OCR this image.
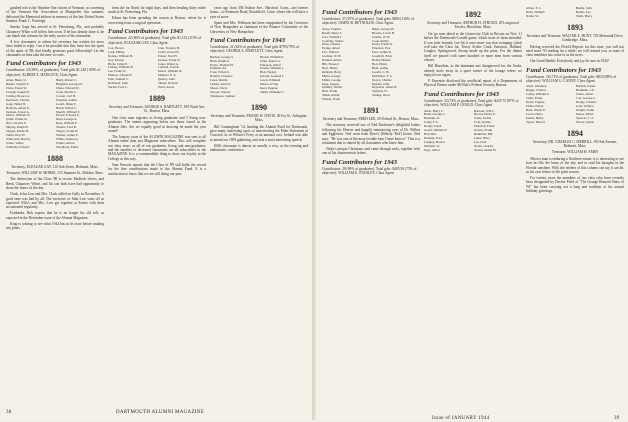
guished role as the Number One citizen of Vermont, as a meeting of the Vermont Bar Association at Montpelier this summer, delivered the Memorial address in memory of the late United States Senator, Frank C. Partridge.

Smoky Gage has arrived at St. Petersburg, Fla., and probably Chauncey White will follow him soon. If he has already done it, he can thank this column for the early notice of his retirement.

A few classmates to whom the secretary has written for news have failed to reply. Can it be possible that they have lost the spirit of the spirit of '88, that kindly generous good fellowship? Let the classmates at least take the time to write.

Fund Contributors for 1943
Contributors: 24 (69%, of graduates). Total gifts $1,140 (100% of objective). ALBERT E. HADLOCK, Class Agent.
Allen, Henry O.	Baird, Robert C.
Barker, Charles F.	Bingham, George H.
Clark, Ernest W.	Chase, Edward W.
Clough, Joseph H.	Cook, Martin C.
Cutting, Horace A.	Cowan, Carl H.
Dearborn, Charles	Eastman, Arthur
Gage, Henry B.	Gould, Elmer E.
Hadlock, Albert E.	Hatch, Walter C.
Jackson, Ernest A.	Merrill, William F.
Morse, William W.	Pevear, Edward E.
Quint, Wilder D.	Reed, George A.
Rice, Charles E.	Ross, William E.
Shipley, Ralph B.	Stearns, Fred B.
Sturgis, Robert H.	Thayer, Frank W.
Tuttle, Hoyt H.	Warner, Arthur E.
Whitcomb, Harvey	White, Chauncey
White, Walter	Wilder, Alfred
Williams, Edward	Woodbury, Elmer
1888
Secretary, ELEAZAR GAY, 110 Oak Street, Belmont, Mass.
Treasurer, WILLIAM W. MORSE, 155 Summer St., Malden, Mass.

The distinction of the Class '88 is secure; Hadlock shows, and Reed, Chauncey White, and his son both have had opportunity to share the honor of the day.

Clark, John Low and Mrs. Clark called on Gally in November. A good time was had by all. The exercises of John Low went off as expected. Ellis's and Mrs. Low got together at Exeter with their accustomed regularity.

Fairbanks, Bob reports that he is no longer his old self, as expected in the December issue of the Alumni Magazine.

King is waiting to see what 1944 has in its store before making any plans.

from the far North for eight days, and then heading thirty miles south to St. Petersburg, Fla.

Edson has been spending the season at Boston, where he is recovering from a surgical operation.

Fund Contributors for 1943
Contributors: 22 (66% of graduates). Total gifts $1,152 (115% of objective). ELEAZAR GAY, Class Agent.
Cox, Horace	Cain, Frederic H.
Cash, Phillip	Cutler, Ernest B.
Delano, William H.	Edson, Fred H.
Gay, Eleazar	Glazier, Frank W.
Hicks, Julius E.	Jones, Walter A.
Linsley, William W.	Lamson, Fred R.
Lee, Frank W.	Morse, William W.
Munroe, Charles F.	Munster, E. A.
Pratt, Samuel S.	Quincy, John
Robinson, John	Shedd, Frederic
Tucker, Fred C.	Ward, Aaron
1889
Secretary and Treasurer, GEORGE S. BARTLETT, 108 Wash Ave. St., Boston, Mass.

One class man registers as living graduates and 5 living non-graduates. The names appearing below are those found in the Alumni files. Are we equally good at showing he made the year round?

The January issue of the ALUMNI MAGAZINE was sent to all Alumni rather than just Magazine subscribers. This will complete our class issue, as all of our graduates, living and non-graduates, and the families of deceased classmates are all subscribers to the MAGAZINE. It is a commendable thing to show our loyalty to the College in this way.

Sam Prescott reports that the Class of '89 still holds the record for the fine contributions made to the Alumni Fund. It is a satisfaction to know that we are still doing our part.

years ago from 358 Ashton Ave., Hartford, Conn.—her former home—to Kenmore Road, Brookfield, Conn. where she will have a year of more.

Spain and Mrs. Wellman has been reappointed by the Governor of New Hampshire as chairman of the Finance Committee of the University of New Hampshire.

Fund Contributors for 1943
Contributors: 21 (62% of graduates). Total gifts $795 (79% of objective). GEORGE S. BARTLETT, Class Agent.
Bartlett, George S.	Bryant, William E.
Buck, Ralph A.	Clark, Ernest A.
Doyle, Thomas H.	Emerson, Albert
Eastman, Ira	Fowler, William J.
Frost, Edwin S.	Hall, Wesley
Hamlin, Clarence	Ireland, Leonard J.
Jones, Martin	Lewis, Edmund
Lyman, John W.	Mason, Irving
Moore, Oscar	Reed, Eugene
Sawyer, Warren	Smith, Nathaniel J.
Thompson, Sumner
1890
Secretary and Treasurer, FRANK W. DAVIS, 30 Ivy St., Arlington, Mass.

Bill Cunningham '14, heading the Alumni Fund for Dartmouth, gave many interesting spots of interviewing the Elder Statesmen at Concord, in so Wilson's Ferry at an unusual cost. Ireland was able to attend our 1893 gathering, and sent a most interesting speech.

Hill's classmate is almost as usually a very, as the evening and enthusiastic conference.

38	DARTMOUTH ALUMNI MAGAZINE
Fund Contributors for 1943
Contributors: 37 (67% of graduates). Total gifts: $884 (116% of objective). JAMES B. REYNOLDS, Class Agent.
Avery, Frank E.	Baker, George H.
Booth, Harry S.	Bowles, Lewis B.
Carr, William J.	Charlie, W. B.
Coolidge, Walter	Cook, Rollin
Dana, Charles	Davis, Frank W.
Dodge, Albert	Emerson, Prof.
Farr, Wilford	Ford, Arthur R.
Gardner, W. H.	Goodrich, Eben
Haskell, Arthur	Heald, Herbert
Hill, Howard	Holt, Henry
Hoyt, Henry	Hunt, Arthur
Kimball, Harry	Leavitt, C. B.
Mann, George	McDuffee, F. S.
Miller, George	Noyes, Charles
Page, Eugene	Perkins, John
Quimby, Walter	Reynolds, James B.
Rich, Frank	Sanborn, W.
Smith, Arthur	Tenney, Oscar
Wilson, Frank
1891
Secretary and Treasurer, FRED LEE, 29 Federal St., Boston, Mass.

The secretary received one of Ned Duchesne's delightful letters following his Denver and happily reminiscing over of Dr. Wilbur and Eggleston. Ned went from Dave's (Elderly 'Kid') house. Ned says: "He was one of the most lovable men I have known." This is a sentiment that is shared by all classmates who knew him.

Tinky's unique Christmas card came through early, together with one of his characteristic letters.

Fund Contributors for 1943
Contributors: 29 (69% of graduates). Total gifts: $405.56 (75% of objective). WILLIAM E. STANLEY, Class Agent.
1892
Secretary and Treasurer, ARTHUR H. STROUD, 29 Longwood Towers, Brookline, Mass.

On 'go men dined at the University Club in Boston on Nov. 11 before the Dartmouth-Cornell game, which none of them attended. It was later learned, Lee hit it once more was that swinging which will take the Class far. Trusty Archie Clark, Emerson, Holland, Langley, Springwood, Stroup made up the party. For the dinner itself we passed with some hundred or more men from various classes.

Bill Hamilton, as the dominant one disapproved far, the Arabs, already mole away in a quiet corner of the lounge where we enjoyed our cigars.

F. Emerson disclosed the unofficial report of a Department of Physical Fitness under McNutt's Federal Security Bureau.

Fund Contributors for 1943
Contributors: 32 (74% of graduates). Total gifts: $435.75 (87% of objective). WILLIAM P. GOULD, Class Agent.
Allen, Harry C.	Barbour, Will C.
Bond, George C.	Brown, Henry E.
Burbank, W.	Clark, Archie
Colby, F. E.	Cole, Wesley
Dodge, Frank	Emerson, Frank
Gould, William P.	Graves, Frank
Hall, Bert	Hamilton, Bill
Holland, Fred	Jones, Harry
Langley, Horace	Lee, Fred
Mitchell, W.	Noble, Charles
Page, Albert	Stroud, Arthur H.
Abbot, E. L.	Bemis, John
Dana, William	Hobbs, Lee
Noble, W.	Wells, Harry
1893
Secretary and Treasurer, WALTER E. HUNT, 725 Memorial Drive, Cambridge, Mass.

Having received the Fifield Reports for this time, you will not need more '93 reading for a while; we will remind you, so none of class members has come to us the news.

Our Good Health, Everybody, and joy be sure in 1944!

Fund Contributors for 1943
Contributors: 30 (71% of graduates). Total gifts: $810 (88% of objective). WILLIAM G. CANNY, Class Agent.
Allen, Winthrop	Bartlett, Ernest
Briggs, Charles	Burnham, J. E.
Canny, William G.	Chase, Albert
Clark, Frank	Cox, George C.
Davis, Eugene	Dodge, Frederic
Fisher, Henry	Gale, Wallace
Hunt, Walter E.	Knight, Frank
Lewis, Harry	Morse, Elbert
Parker, Henry	Spencer, C. E.
Taylor, Harold	Wood, Lyman
1894
Secretary, DR. CHARLES C. MERRILL, 89 Oak Avenue, Belmont, Mass.
Treasurer, WILLIAM H. AMES

When a man is enduring a Northern winter, it is interesting to see how he fills the hours of the day, and to read his thoughts in the Florida sunshine. Well, the readers of this column can say it can be, as his own letters of the great season.

For twenty years the members of our class who have recently been designated by Decker Field as "The George Bernard Shaw of '94" has been carrying out a long and tradition of his annual birthday greetings.

Issue of JANUARY 1944	39
